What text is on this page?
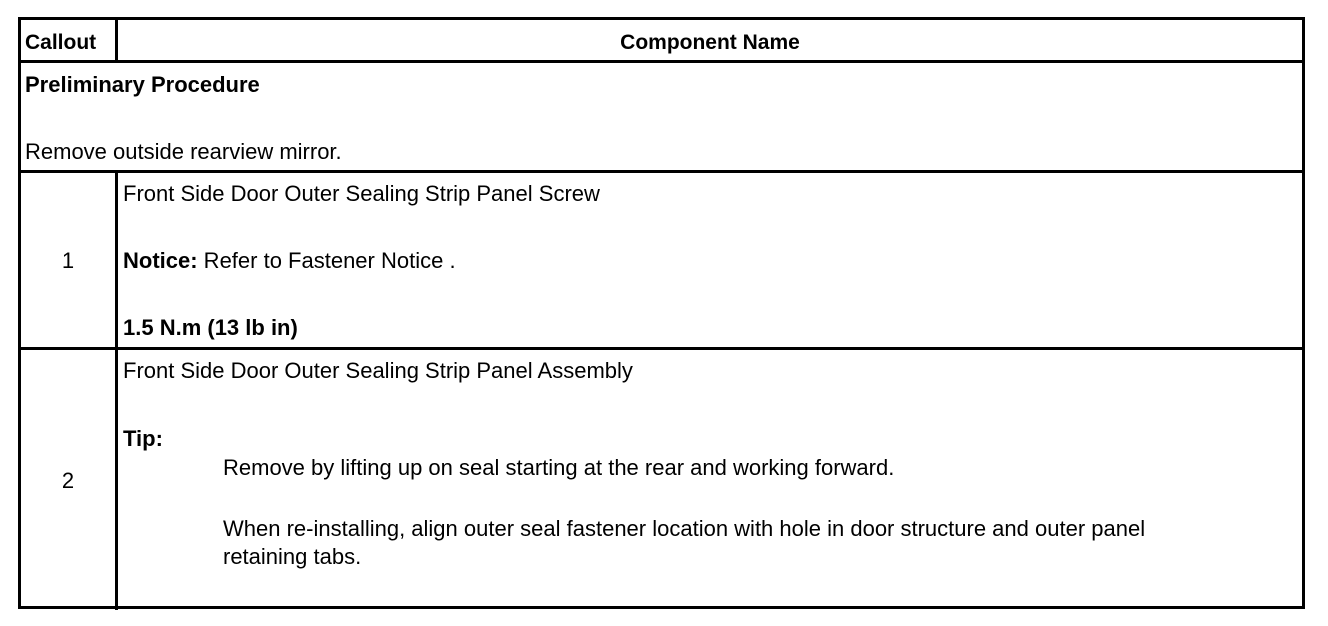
Callout	Component Name
Preliminary Procedure
Remove outside rearview mirror.
1
Front Side Door Outer Sealing Strip Panel Screw
Notice: Refer to Fastener Notice .
1.5 N.m (13 lb in)
2
Front Side Door Outer Sealing Strip Panel Assembly
Tip:
Remove by lifting up on seal starting at the rear and working forward.
When re-installing, align outer seal fastener location with hole in door structure and outer panel
retaining tabs.
